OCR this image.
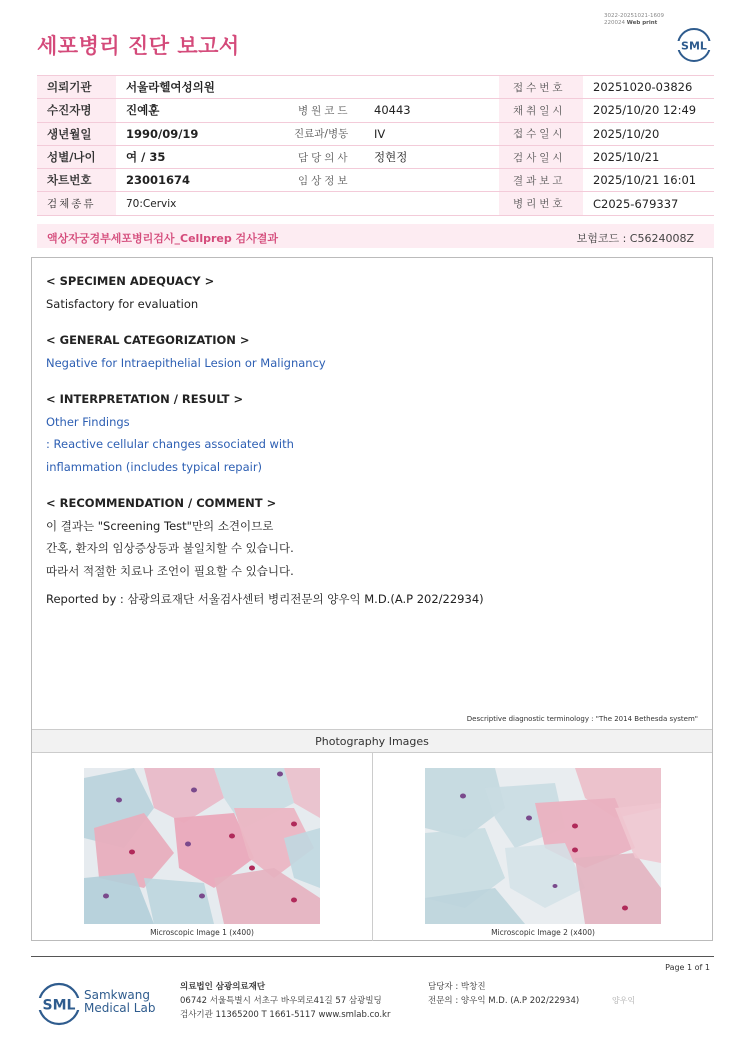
3022-20251021-1609
220024 Web print
세포병리 진단 보고서	SML
의뢰기관	서울라헬여성의원			접수번호	20251020-03826
수진자명	진예훈	병원코드	40443	채취일시	2025/10/20 12:49
생년월일	1990/09/19	진료과/병동	IV	접수일시	2025/10/20
성별/나이	여 / 35	담당의사	정현정	검사일시	2025/10/21
차트번호	23001674	임상정보		결과보고	2025/10/21 16:01
검체종류	70:Cervix			병리번호	C2025-679337
액상자궁경부세포병리검사_Cellprep 검사결과	보험코드 : C5624008Z
< SPECIMEN ADEQUACY >
Satisfactory for evaluation
< GENERAL CATEGORIZATION >
Negative for Intraepithelial Lesion or Malignancy
< INTERPRETATION / RESULT >
Other Findings
: Reactive cellular changes associated with
inflammation (includes typical repair)
< RECOMMENDATION / COMMENT >
이 결과는 "Screening Test"만의 소견이므로
간혹, 환자의 임상증상등과 불일치할 수 있습니다.
따라서 적절한 치료나 조언이 필요할 수 있습니다.
Reported by : 삼광의료재단 서울검사센터 병리전문의 양우익 M.D.(A.P 202/22934)
Descriptive diagnostic terminology : "The 2014 Bethesda system"
Photography Images
Microscopic Image 1 (x400)	Microscopic Image 2 (x400)
Page 1 of 1
SML
Samkwang
Medical Lab
의료법인 삼광의료재단
06742 서울특별시 서초구 바우뫼로41길 57 삼광빌딩
검사기관 11365200 T 1661-5117 www.smlab.co.kr
담당자 : 박창진
전문의 : 양우익 M.D. (A.P 202/22934)	양우익
